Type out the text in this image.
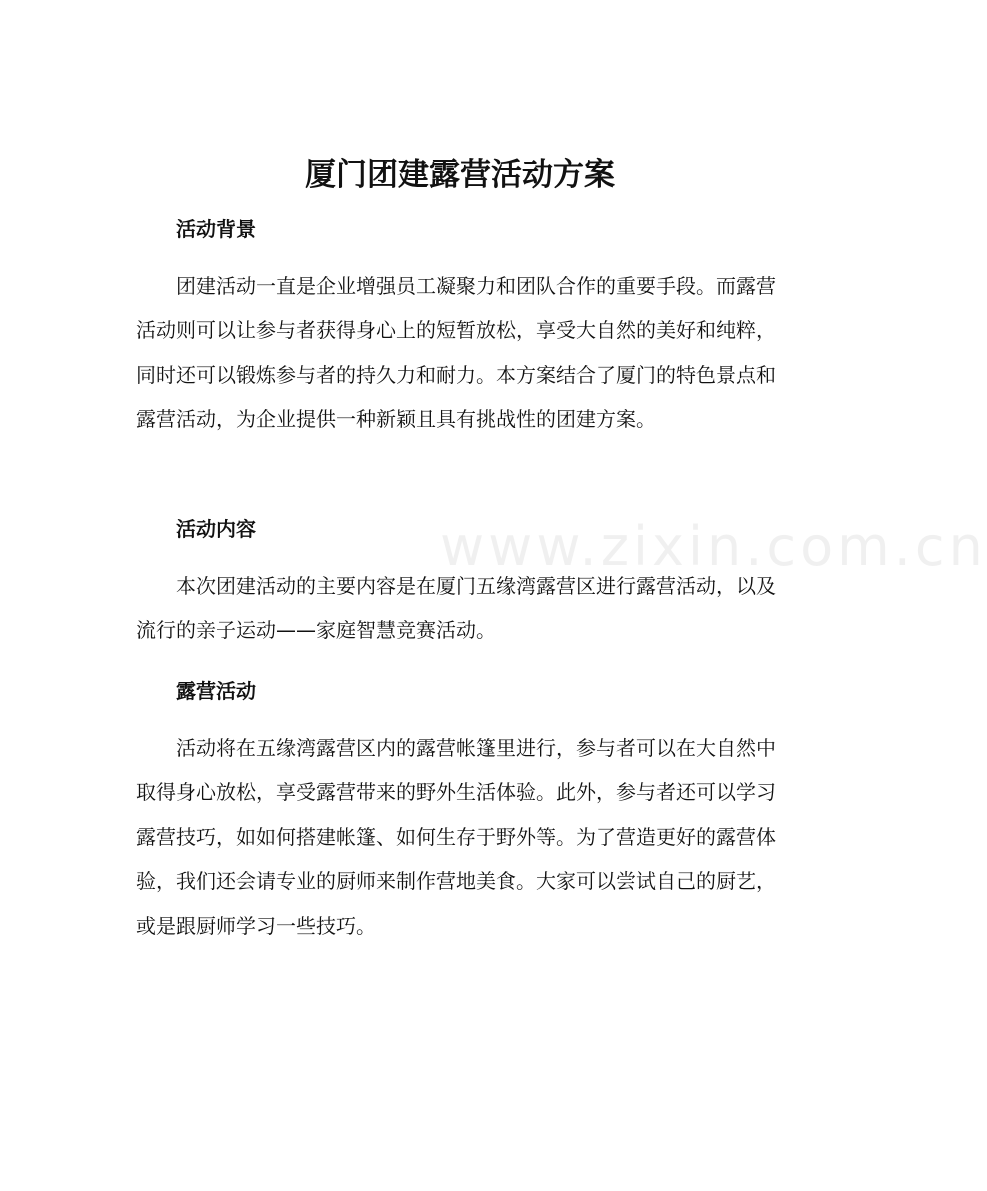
www.zixin.com.cn
厦门团建露营活动方案
活动背景

团建活动一直是企业增强员工凝聚力和团队合作的重要手段。而露营活动则可以让参与者获得身心上的短暂放松，享受大自然的美好和纯粹，同时还可以锻炼参与者的持久力和耐力。本方案结合了厦门的特色景点和露营活动，为企业提供一种新颖且具有挑战性的团建方案。

活动内容

本次团建活动的主要内容是在厦门五缘湾露营区进行露营活动，以及流行的亲子运动——家庭智慧竞赛活动。

露营活动

活动将在五缘湾露营区内的露营帐篷里进行，参与者可以在大自然中取得身心放松，享受露营带来的野外生活体验。此外，参与者还可以学习露营技巧，如如何搭建帐篷、如何生存于野外等。为了营造更好的露营体验，我们还会请专业的厨师来制作营地美食。大家可以尝试自己的厨艺，或是跟厨师学习一些技巧。
